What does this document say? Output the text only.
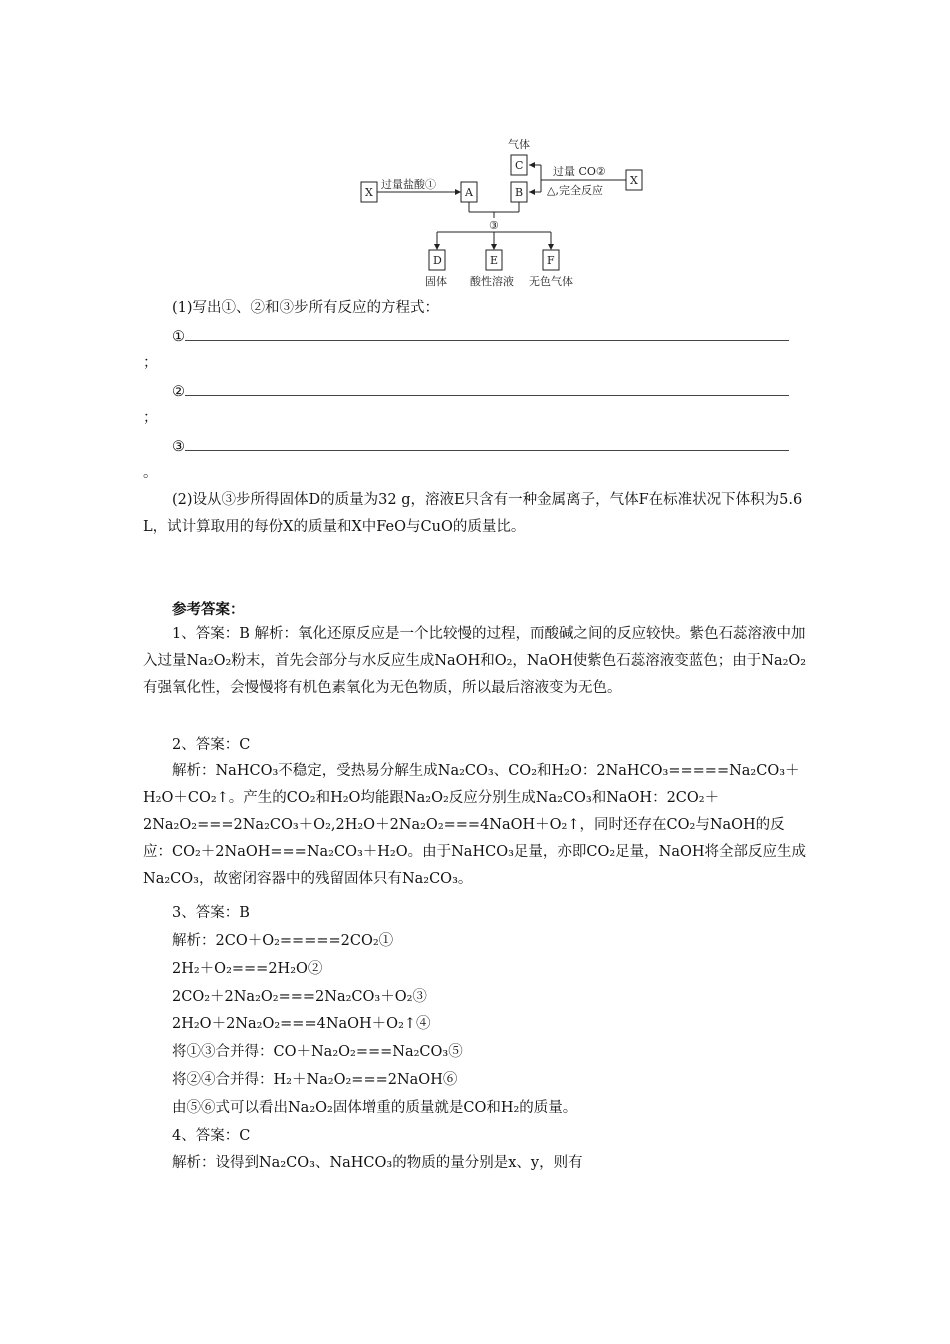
X	A	B
C
X
D	E	F
气体
过量盐酸①
过量 CO②
△,完全反应
③
固体 酸性溶液 无色气体
(1)写出①、②和③步所有反应的方程式：
①
；
②
；
③
。
(2)设从③步所得固体D的质量为32 g，溶液E只含有一种金属离子，气体F在标准状况下体积为5.6 L，试计算取用的每份X的质量和X中FeO与CuO的质量比。
参考答案：
1、答案：B 解析：氧化还原反应是一个比较慢的过程，而酸碱之间的反应较快。紫色石蕊溶液中加入过量Na₂O₂粉末，首先会部分与水反应生成NaOH和O₂，NaOH使紫色石蕊溶液变蓝色；由于Na₂O₂有强氧化性，会慢慢将有机色素氧化为无色物质，所以最后溶液变为无色。
2、答案：C
解析：NaHCO₃不稳定，受热易分解生成Na₂CO₃、CO₂和H₂O：2NaHCO₃=====Na₂CO₃＋H₂O＋CO₂↑。产生的CO₂和H₂O均能跟Na₂O₂反应分别生成Na₂CO₃和NaOH：2CO₂＋2Na₂O₂===2Na₂CO₃＋O₂,2H₂O＋2Na₂O₂===4NaOH＋O₂↑，同时还存在CO₂与NaOH的反应：CO₂＋2NaOH===Na₂CO₃＋H₂O。由于NaHCO₃足量，亦即CO₂足量，NaOH将全部反应生成Na₂CO₃，故密闭容器中的残留固体只有Na₂CO₃。
3、答案：B
解析：2CO＋O₂=====2CO₂①
2H₂＋O₂===2H₂O②
2CO₂＋2Na₂O₂===2Na₂CO₃＋O₂③
2H₂O＋2Na₂O₂===4NaOH＋O₂↑④
将①③合并得：CO＋Na₂O₂===Na₂CO₃⑤
将②④合并得：H₂＋Na₂O₂===2NaOH⑥
由⑤⑥式可以看出Na₂O₂固体增重的质量就是CO和H₂的质量。
4、答案：C
解析：设得到Na₂CO₃、NaHCO₃的物质的量分别是x、y，则有
